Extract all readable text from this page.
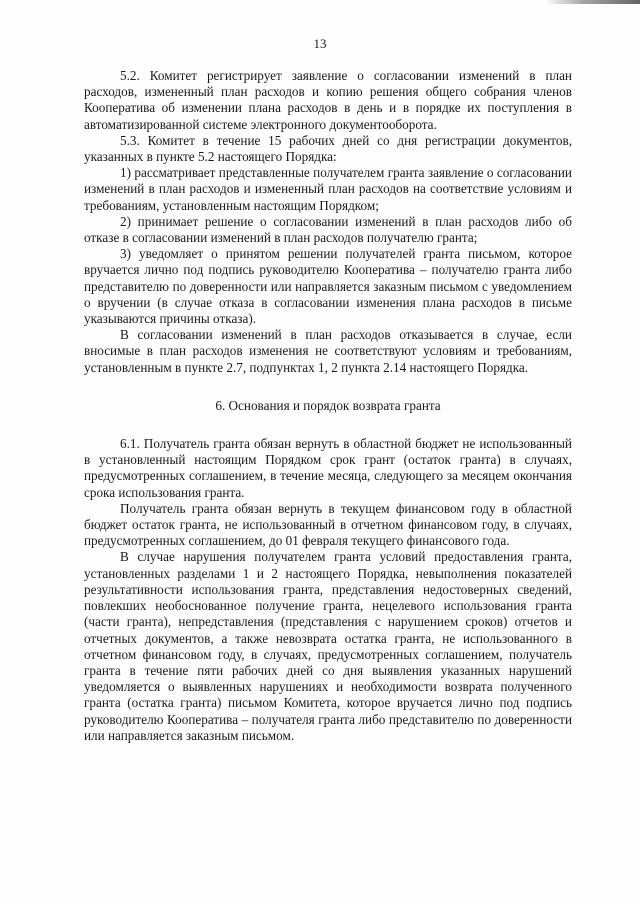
13

5.2. Комитет регистрирует заявление о согласовании изменений в план расходов, измененный план расходов и копию решения общего собрания членов Кооператива об изменении плана расходов в день и в порядке их поступления в автоматизированной системе электронного документооборота.

5.3. Комитет в течение 15 рабочих дней со дня регистрации документов, указанных в пункте 5.2 настоящего Порядка:

1) рассматривает представленные получателем гранта заявление о согласовании изменений в план расходов и измененный план расходов на соответствие условиям и требованиям, установленным настоящим Порядком;

2) принимает решение о согласовании изменений в план расходов либо об отказе в согласовании изменений в план расходов получателю гранта;

3) уведомляет о принятом решении получателей гранта письмом, которое вручается лично под подпись руководителю Кооператива – получателю гранта либо представителю по доверенности или направляется заказным письмом с уведомлением о вручении (в случае отказа в согласовании изменения плана расходов в письме указываются причины отказа).

В согласовании изменений в план расходов отказывается в случае, если вносимые в план расходов изменения не соответствуют условиям и требованиям, установленным в пункте 2.7, подпунктах 1, 2 пункта 2.14 настоящего Порядка.

6. Основания и порядок возврата гранта

6.1. Получатель гранта обязан вернуть в областной бюджет не использованный в установленный настоящим Порядком срок грант (остаток гранта) в случаях, предусмотренных соглашением, в течение месяца, следующего за месяцем окончания срока использования гранта.

Получатель гранта обязан вернуть в текущем финансовом году в областной бюджет остаток гранта, не использованный в отчетном финансовом году, в случаях, предусмотренных соглашением, до 01 февраля текущего финансового года.

В случае нарушения получателем гранта условий предоставления гранта, установленных разделами 1 и 2 настоящего Порядка, невыполнения показателей результативности использования гранта, представления недостоверных сведений, повлекших необоснованное получение гранта, нецелевого использования гранта (части гранта), непредставления (представления с нарушением сроков) отчетов и отчетных документов, а также невозврата остатка гранта, не использованного в отчетном финансовом году, в случаях, предусмотренных соглашением, получатель гранта в течение пяти рабочих дней со дня выявления указанных нарушений уведомляется о выявленных нарушениях и необходимости возврата полученного гранта (остатка гранта) письмом Комитета, которое вручается лично под подпись руководителю Кооператива – получателя гранта либо представителю по доверенности или направляется заказным письмом.
